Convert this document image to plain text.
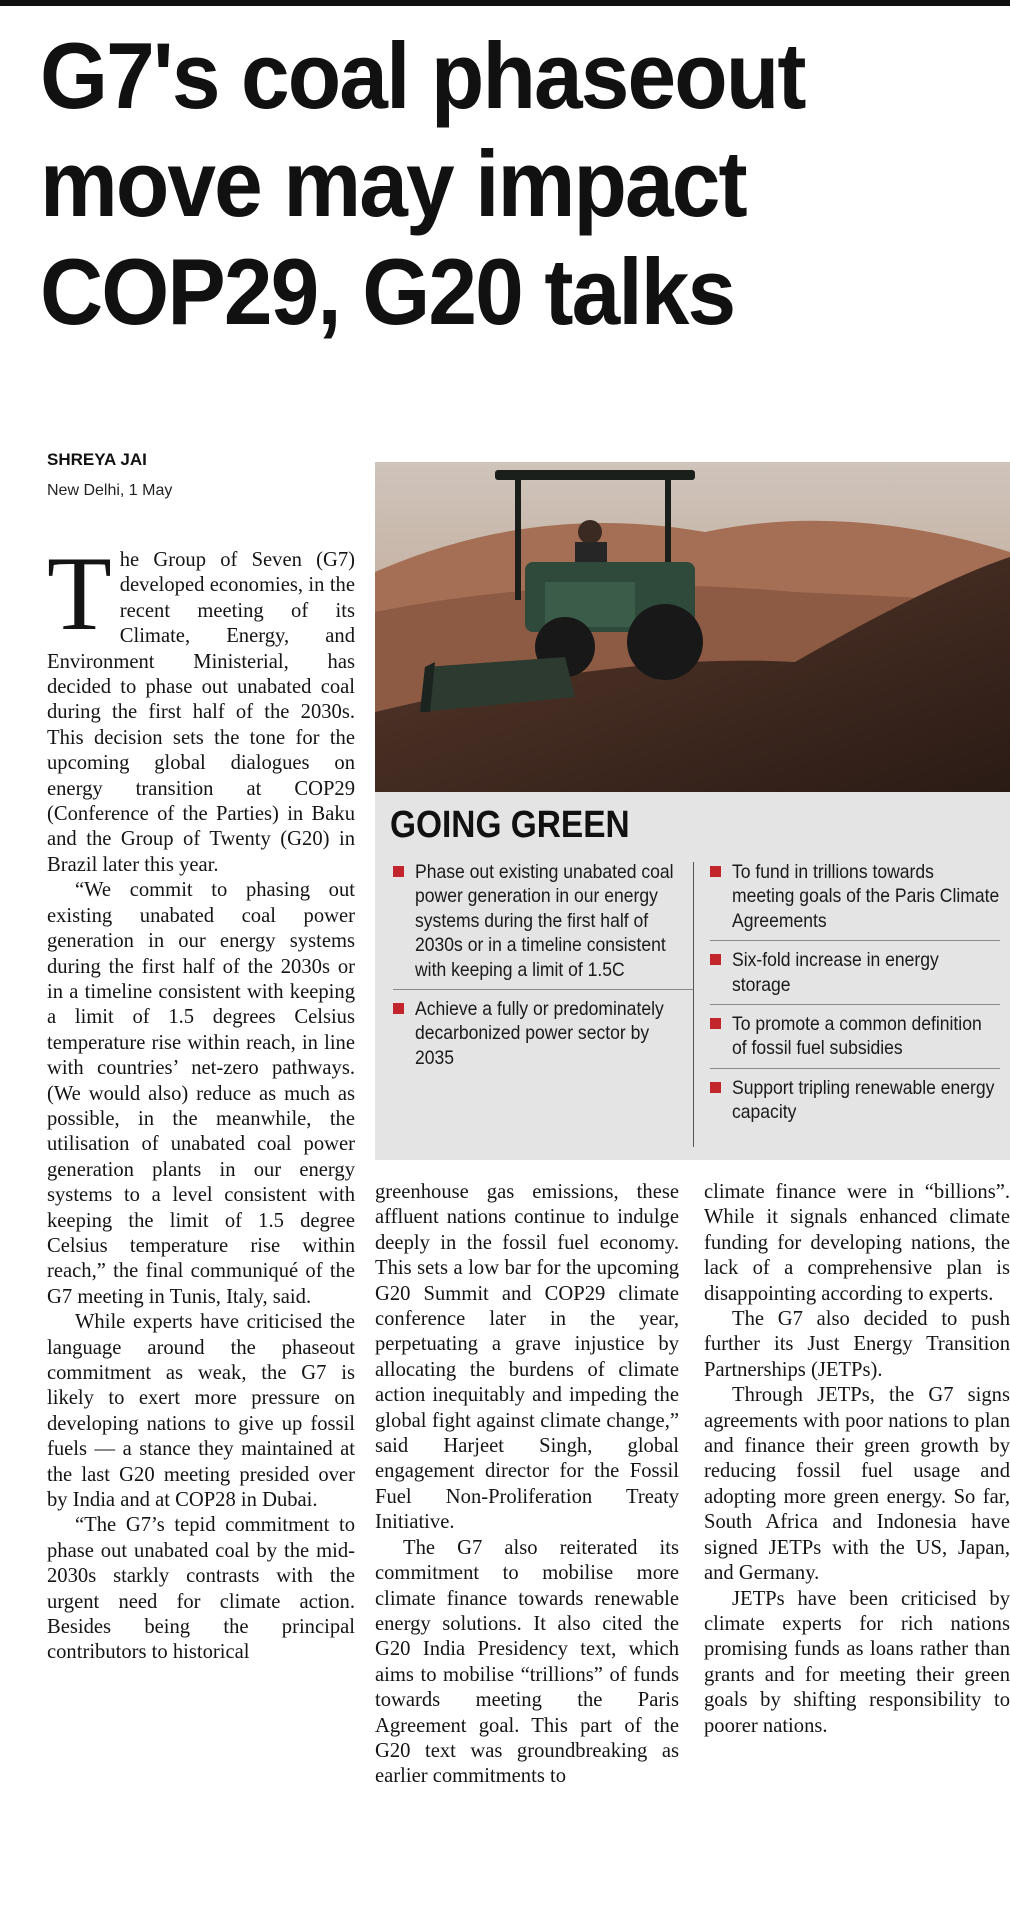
G7's coal phaseout
move may impact
COP29, G20 talks
SHREYA JAI
New Delhi, 1 May

The Group of Seven (G7) developed economies, in the recent meeting of its Climate, Energy, and Environment Ministerial, has decided to phase out unabated coal during the first half of the 2030s. This decision sets the tone for the upcoming global dialogues on energy transition at COP29 (Conference of the Parties) in Baku and the Group of Twenty (G20) in Brazil later this year.

“We commit to phasing out existing unabated coal power generation in our energy systems during the first half of the 2030s or in a timeline consistent with keeping a limit of 1.5 degrees Celsius temperature rise within reach, in line with countries’ net-zero pathways. (We would also) reduce as much as possible, in the meanwhile, the utilisation of unabated coal power generation plants in our energy systems to a level consistent with keeping the limit of 1.5 degree Celsius temperature rise within reach,” the final communiqué of the G7 meeting in Tunis, Italy, said.

While experts have criticised the language around the phaseout commitment as weak, the G7 is likely to exert more pressure on developing nations to give up fossil fuels — a stance they maintained at the last G20 meeting presided over by India and at COP28 in Dubai.

“The G7’s tepid commitment to phase out unabated coal by the mid-2030s starkly contrasts with the urgent need for climate action. Besides being the principal contributors to historical

GOING GREEN
Phase out existing unabated coal power generation in our energy systems during the first half of 2030s or in a timeline consistent with keeping a limit of 1.5C
Achieve a fully or predominately decarbonized power sector by 2035
To fund in trillions towards meeting goals of the Paris Climate Agreements
Six-fold increase in energy storage
To promote a common definition of fossil fuel subsidies
Support tripling renewable energy capacity

greenhouse gas emissions, these affluent nations continue to indulge deeply in the fossil fuel economy. This sets a low bar for the upcoming G20 Summit and COP29 climate conference later in the year, perpetuating a grave injustice by allocating the burdens of climate action inequitably and impeding the global fight against climate change,” said Harjeet Singh, global engagement director for the Fossil Fuel Non-Proliferation Treaty Initiative.

The G7 also reiterated its commitment to mobilise more climate finance towards renewable energy solutions. It also cited the G20 India Presidency text, which aims to mobilise “trillions” of funds towards meeting the Paris Agreement goal. This part of the G20 text was groundbreaking as earlier commitments to

climate finance were in “billions”. While it signals enhanced climate funding for developing nations, the lack of a comprehensive plan is disappointing according to experts.

The G7 also decided to push further its Just Energy Transition Partnerships (JETPs).

Through JETPs, the G7 signs agreements with poor nations to plan and finance their green growth by reducing fossil fuel usage and adopting more green energy. So far, South Africa and Indonesia have signed JETPs with the US, Japan, and Germany.

JETPs have been criticised by climate experts for rich nations promising funds as loans rather than grants and for meeting their green goals by shifting responsibility to poorer nations.
